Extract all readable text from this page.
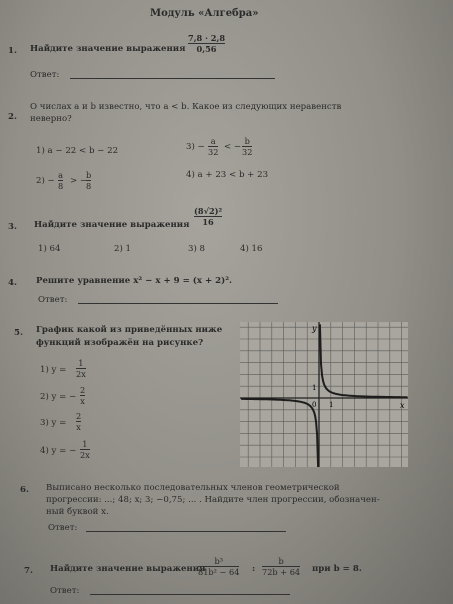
Модуль «Алгебра»
1. Найдите значение выражения
7,8 · 2,8
0,56
Ответ:
2.
О числах a и b известно, что a < b. Какое из следующих неравенств
неверно?
1) a − 22 < b − 22	3) −
a
32 < −
b
32
2) −
a
8 > −
b
8
4) a + 23 < b + 23
3. Найдите значение выражения
(8√2)²
16
1) 64	2) 1	3) 8	4) 16
4. Решите уравнение x² − x + 9 = (x + 2)².
Ответ:
5. График какой из приведённых ниже
функций изображён на рисунке?
1) y =
1
2x
2) y = −
2
x
3) y =
2
x
4) y = −
1
2x
y
x
1
0 1
6. Выписано несколько последовательных членов геометрической
прогрессии: ...; 48; x; 3; −0,75; ... . Найдите член прогрессии, обозначен-
ный буквой x.
Ответ:
7. Найдите значение выражения
b³
81b² − 64 :
b
72b + 64 при b = 8.
Ответ:
